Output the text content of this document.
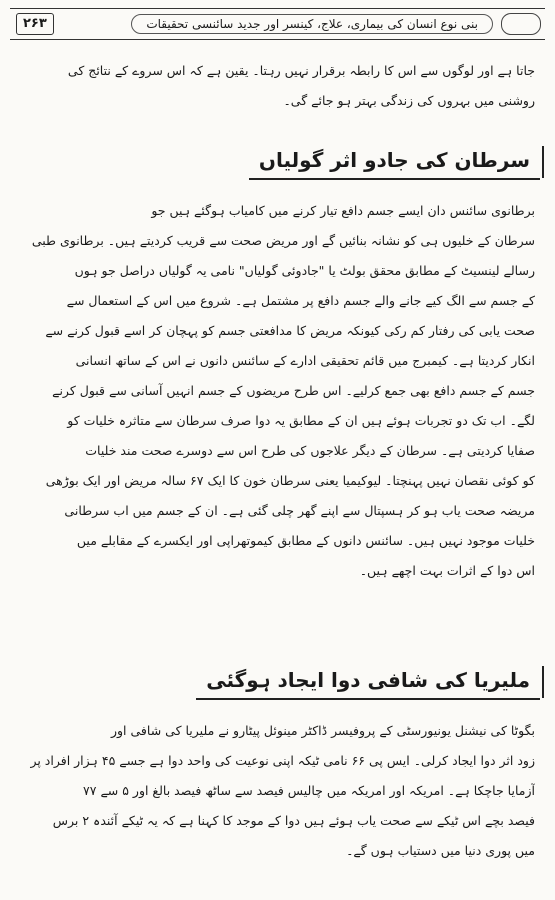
۲۶۳	بنی نوع انسان کی بیماری، علاج، کینسر اور جدید سائنسی تحقیقات
جاتا ہے اور لوگوں سے اس کا رابطہ برقرار نہیں رہتا۔ یقین ہے کہ اس سروے کے نتائج کی
روشنی میں بہروں کی زندگی بہتر ہو جائے گی۔
سرطان کی جادو اثر گولیاں
برطانوی سائنس دان ایسے جسم دافع تیار کرنے میں کامیاب ہوگئے ہیں جو
سرطان کے خلیوں ہی کو نشانہ بنائیں گے اور مریض صحت سے قریب کردیتے ہیں۔ برطانوی طبی
رسالے لینسیٹ کے مطابق محقق بولٹ یا "جادوئی گولیاں" نامی یہ گولیاں دراصل جو ہوں
کے جسم سے الگ کیے جانے والے جسم دافع پر مشتمل ہے۔ شروع میں اس کے استعمال سے
صحت یابی کی رفتار کم رکی کیونکہ مریض کا مدافعتی جسم کو پہچان کر اسے قبول کرنے سے
انکار کردیتا ہے۔ کیمبرج میں قائم تحقیقی ادارے کے سائنس دانوں نے اس کے ساتھ انسانی
جسم کے جسم دافع بھی جمع کرلیے۔ اس طرح مریضوں کے جسم انہیں آسانی سے قبول کرنے
لگے۔ اب تک دو تجربات ہوئے ہیں ان کے مطابق یہ دوا صرف سرطان سے متاثرہ خلیات کو
صفایا کردیتی ہے۔ سرطان کے دیگر علاجوں کی طرح اس سے دوسرے صحت مند خلیات
کو کوئی نقصان نہیں پہنچتا۔ لیوکیمیا یعنی سرطان خون کا ایک ۶۷ سالہ مریض اور ایک بوڑھی
مریضہ صحت یاب ہو کر ہسپتال سے اپنے گھر چلی گئی ہے۔ ان کے جسم میں اب سرطانی
خلیات موجود نہیں ہیں۔ سائنس دانوں کے مطابق کیموتھراپی اور ایکسرے کے مقابلے میں
اس دوا کے اثرات بہت اچھے ہیں۔
ملیریا کی شافی دوا ایجاد ہوگئی
بگوٹا کی نیشنل یونیورسٹی کے پروفیسر ڈاکٹر مینوئل پیٹارو نے ملیریا کی شافی اور
زود اثر دوا ایجاد کرلی۔ ایس پی ۶۶ نامی ٹیکہ اپنی نوعیت کی واحد دوا ہے جسے ۴۵ ہزار افراد پر
آزمایا جاچکا ہے۔ امریکہ اور امریکہ میں چالیس فیصد سے ساٹھ فیصد بالغ اور ۵ سے ۷۷
فیصد بچے اس ٹیکے سے صحت یاب ہوئے ہیں دوا کے موجد کا کہنا ہے کہ یہ ٹیکے آئندہ ۲ برس
میں پوری دنیا میں دستیاب ہوں گے۔
